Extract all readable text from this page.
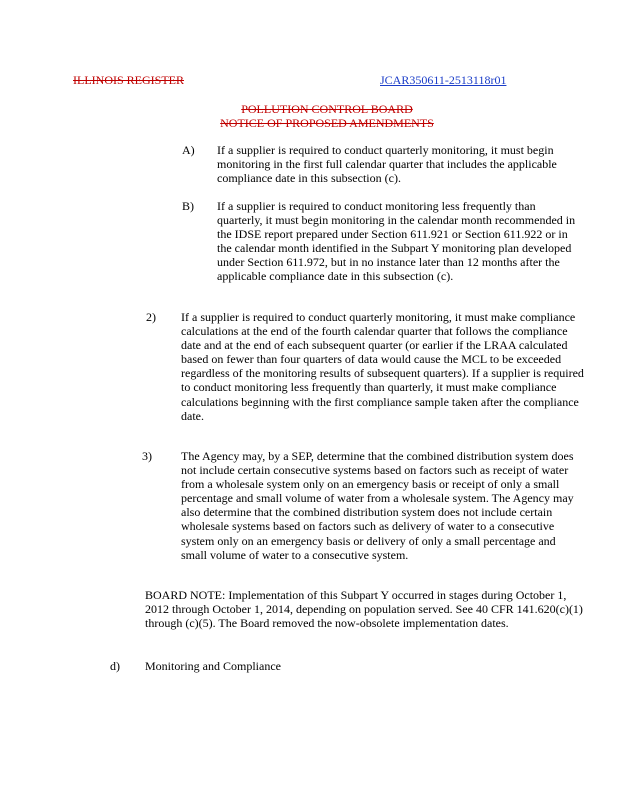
ILLINOIS REGISTER	JCAR350611-2513118r01
POLLUTION CONTROL BOARD
NOTICE OF PROPOSED AMENDMENTS
A) If a supplier is required to conduct quarterly monitoring, it must begin monitoring in the first full calendar quarter that includes the applicable compliance date in this subsection (c).
B) If a supplier is required to conduct monitoring less frequently than quarterly, it must begin monitoring in the calendar month recommended in the IDSE report prepared under Section 611.921 or Section 611.922 or in the calendar month identified in the Subpart Y monitoring plan developed under Section 611.972, but in no instance later than 12 months after the applicable compliance date in this subsection (c).
2) If a supplier is required to conduct quarterly monitoring, it must make compliance calculations at the end of the fourth calendar quarter that follows the compliance date and at the end of each subsequent quarter (or earlier if the LRAA calculated based on fewer than four quarters of data would cause the MCL to be exceeded regardless of the monitoring results of subsequent quarters). If a supplier is required to conduct monitoring less frequently than quarterly, it must make compliance calculations beginning with the first compliance sample taken after the compliance date.
3) The Agency may, by a SEP, determine that the combined distribution system does not include certain consecutive systems based on factors such as receipt of water from a wholesale system only on an emergency basis or receipt of only a small percentage and small volume of water from a wholesale system. The Agency may also determine that the combined distribution system does not include certain wholesale systems based on factors such as delivery of water to a consecutive system only on an emergency basis or delivery of only a small percentage and small volume of water to a consecutive system.
BOARD NOTE: Implementation of this Subpart Y occurred in stages during October 1, 2012 through October 1, 2014, depending on population served. See 40 CFR 141.620(c)(1) through (c)(5). The Board removed the now-obsolete implementation dates.
d) Monitoring and Compliance
